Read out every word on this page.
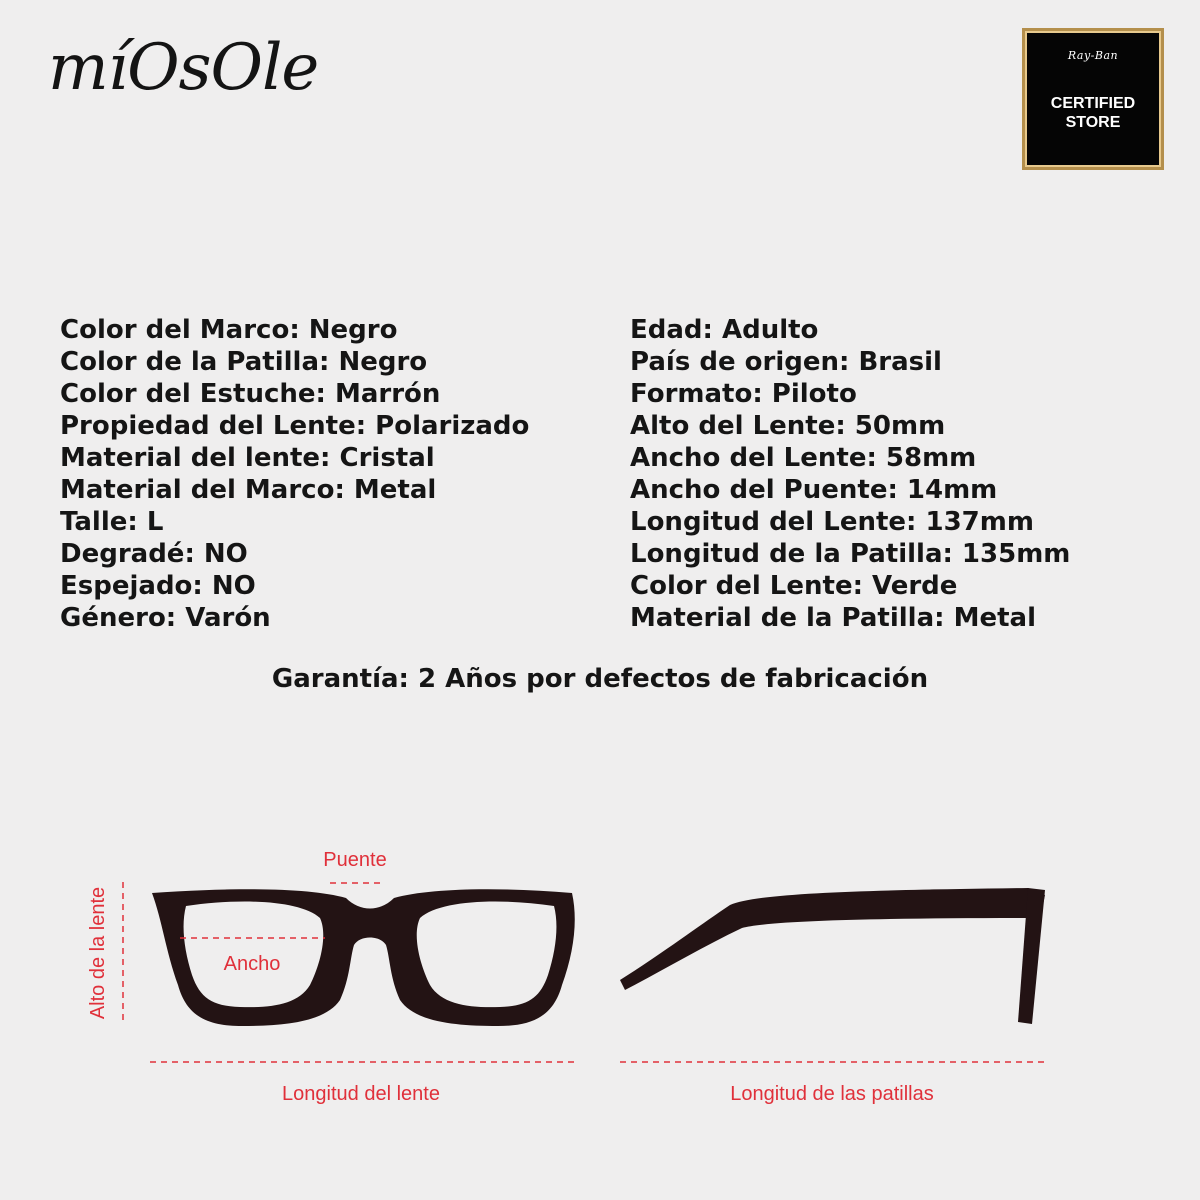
míOsOle	Ray-Ban
CERTIFIED
STORE
Color del Marco: Negro
Color de la Patilla: Negro
Color del Estuche: Marrón
Propiedad del Lente: Polarizado
Material del lente: Cristal
Material del Marco: Metal
Talle: L
Degradé: NO
Espejado: NO
Género: Varón
Edad: Adulto
País de origen: Brasil
Formato: Piloto
Alto del Lente: 50mm
Ancho del Lente: 58mm
Ancho del Puente: 14mm
Longitud del Lente: 137mm
Longitud de la Patilla: 135mm
Color del Lente: Verde
Material de la Patilla: Metal
Garantía: 2 Años por defectos de fabricación
Puente
Ancho
Alto de la lente
Longitud del lente	Longitud de las patillas
